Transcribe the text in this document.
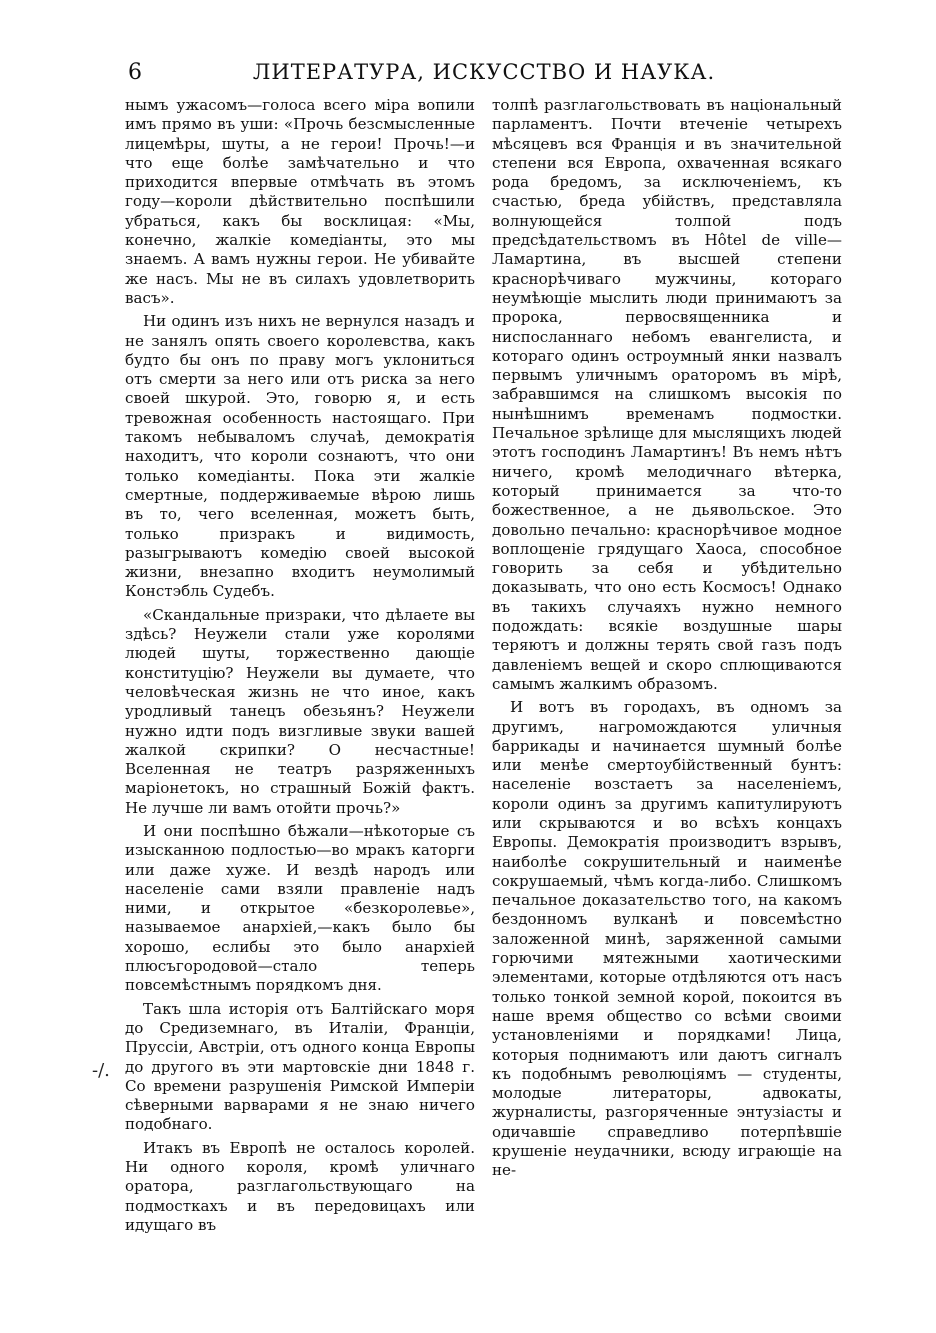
6	ЛИТЕРАТУРА, ИСКУССТВО И НАУКА.
-/.

нымъ ужасомъ—голоса всего міра вопили имъ прямо въ уши: «Прочь безсмысленные лицемѣры, шуты, а не герои! Прочь!—и что еще болѣе замѣчательно и что приходится впервые отмѣчать въ этомъ году—короли дѣйствительно поспѣшили убраться, какъ бы восклицая: «Мы, конечно, жалкіе комедіанты, это мы знаемъ. А вамъ нужны герои. Не убивайте же насъ. Мы не въ силахъ удовлетворить васъ».

Ни одинъ изъ нихъ не вернулся назадъ и не занялъ опять своего королевства, какъ будто бы онъ по праву могъ уклониться отъ смерти за него или отъ риска за него своей шкурой. Это, говорю я, и есть тревожная особенность настоящаго. При такомъ небываломъ случаѣ, демократія находитъ, что короли сознаютъ, что они только комедіанты. Пока эти жалкіе смертные, поддерживаемые вѣрою лишь въ то, чего вселенная, можетъ быть, только призракъ и видимость, разыгрываютъ комедію своей высокой жизни, внезапно входитъ неумолимый Констэбль Судебъ.

«Скандальные призраки, что дѣлаете вы здѣсь? Неужели стали уже королями людей шуты, торжественно дающіе конституцію? Неужели вы думаете, что человѣческая жизнь не что иное, какъ уродливый танецъ обезьянъ? Неужели нужно идти подъ визгливые звуки вашей жалкой скрипки? О несчастные! Вселенная не театръ разряженныхъ маріонетокъ, но страшный Божій фактъ. Не лучше ли вамъ отойти прочь?»

И они поспѣшно бѣжали—нѣкоторые съ изысканною подлостью—во мракъ каторги или даже хуже. И вездѣ народъ или населеніе сами взяли правленіе надъ ними, и открытое «безкоролевье», называемое анархіей,—какъ было бы хорошо, еслибы это было анархіей плюсъгородовой—стало теперь повсемѣстнымъ порядкомъ дня.

Такъ шла исторія отъ Балтійскаго моря до Средиземнаго, въ Италіи, Франціи, Пруссіи, Австріи, отъ одного конца Европы до другого въ эти мартовскіе дни 1848 г. Со времени разрушенія Римской Имперіи сѣверными варварами я не знаю ничего подобнаго.

Итакъ въ Европѣ не осталось королей. Ни одного короля, кромѣ уличнаго оратора, разглагольствующаго на подмосткахъ и въ передовицахъ или идущаго въ

толпѣ разглагольствовать въ національный парламентъ. Почти втеченіе четырехъ мѣсяцевъ вся Франція и въ значительной степени вся Европа, охваченная всякаго рода бредомъ, за исключеніемъ, къ счастью, бреда убійствъ, представляла волнующейся толпой подъ предсѣдательствомъ въ Hôtel de ville—Ламартина, въ высшей степени краснорѣчиваго мужчины, котораго неумѣющіе мыслить люди принимаютъ за пророка, первосвященника и ниспосланнаго небомъ евангелиста, и котораго одинъ остроумный янки назвалъ первымъ уличнымъ ораторомъ въ мірѣ, забравшимся на слишкомъ высокія по нынѣшнимъ временамъ подмостки. Печальное зрѣлище для мыслящихъ людей этотъ господинъ Ламартинъ! Въ немъ нѣтъ ничего, кромѣ мелодичнаго вѣтерка, который принимается за что-то божественное, а не дьявольское. Это довольно печально: краснорѣчивое модное воплощеніе грядущаго Хаоса, способное говорить за себя и убѣдительно доказывать, что оно есть Космосъ! Однако въ такихъ случаяхъ нужно немного подождать: всякіе воздушные шары теряютъ и должны терять свой газъ подъ давленіемъ вещей и скоро сплющиваются самымъ жалкимъ образомъ.

И вотъ въ городахъ, въ одномъ за другимъ, нагромождаются уличныя баррикады и начинается шумный болѣе или менѣе смертоубійственный бунтъ: населеніе возстаетъ за населеніемъ, короли одинъ за другимъ капитулируютъ или скрываются и во всѣхъ концахъ Европы. Демократія производитъ взрывъ, наиболѣе сокрушительный и наименѣе сокрушаемый, чѣмъ когда-либо. Слишкомъ печальное доказательство того, на какомъ бездонномъ вулканѣ и повсемѣстно заложенной минѣ, заряженной самыми горючими мятежными хаотическими элементами, которые отдѣляются отъ насъ только тонкой земной корой, покоится въ наше время общество со всѣми своими установленіями и порядками! Лица, которыя поднимаютъ или даютъ сигналъ къ подобнымъ революціямъ — студенты, молодые литераторы, адвокаты, журналисты, разгоряченные энтузіасты и одичавшіе справедливо потерпѣвшіе крушеніе неудачники, всюду играющіе на не-
